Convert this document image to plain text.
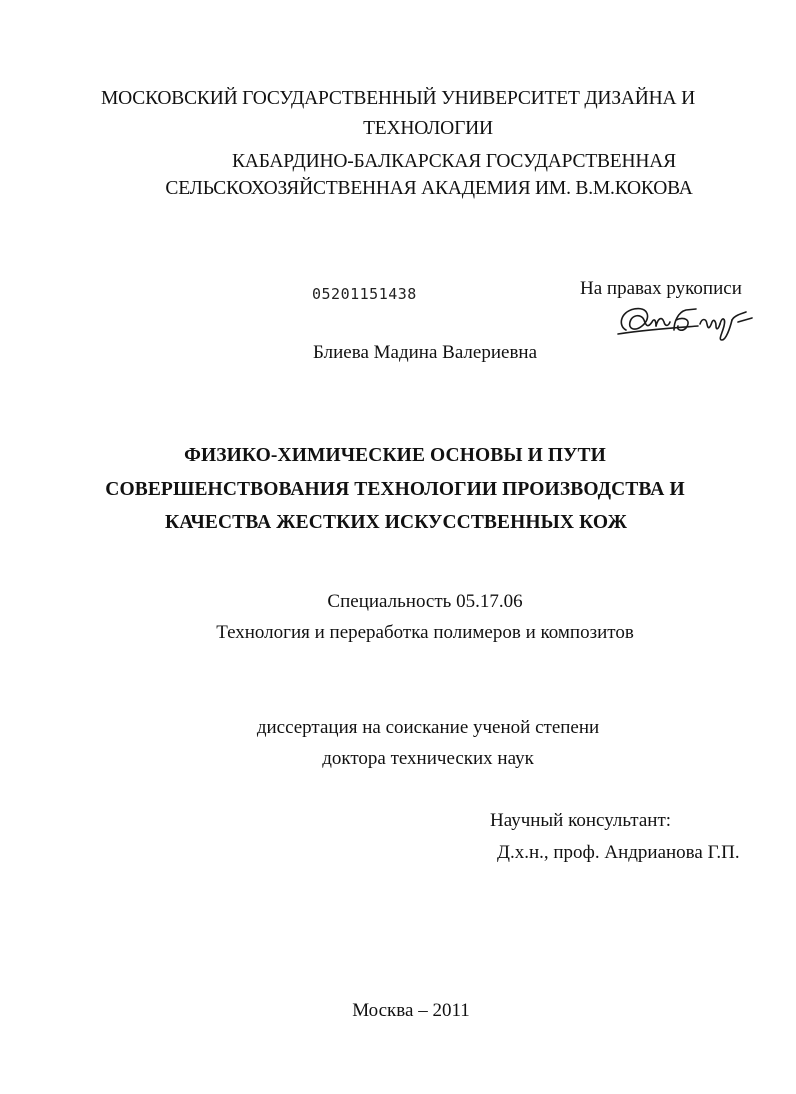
МОСКОВСКИЙ ГОСУДАРСТВЕННЫЙ УНИВЕРСИТЕТ ДИЗАЙНА И
ТЕХНОЛОГИИ
КАБАРДИНО-БАЛКАРСКАЯ ГОСУДАРСТВЕННАЯ
СЕЛЬСКОХОЗЯЙСТВЕННАЯ АКАДЕМИЯ ИМ. В.М.КОКОВА
05201151438	На правах рукописи
Блиева Мадина Валериевна
ФИЗИКО-ХИМИЧЕСКИЕ ОСНОВЫ И ПУТИ
СОВЕРШЕНСТВОВАНИЯ ТЕХНОЛОГИИ ПРОИЗВОДСТВА И
КАЧЕСТВА ЖЕСТКИХ ИСКУССТВЕННЫХ КОЖ
Специальность 05.17.06
Технология и переработка полимеров и композитов
диссертация на соискание ученой степени
доктора технических наук
Научный консультант:
Д.х.н., проф. Андрианова Г.П.
Москва – 2011
